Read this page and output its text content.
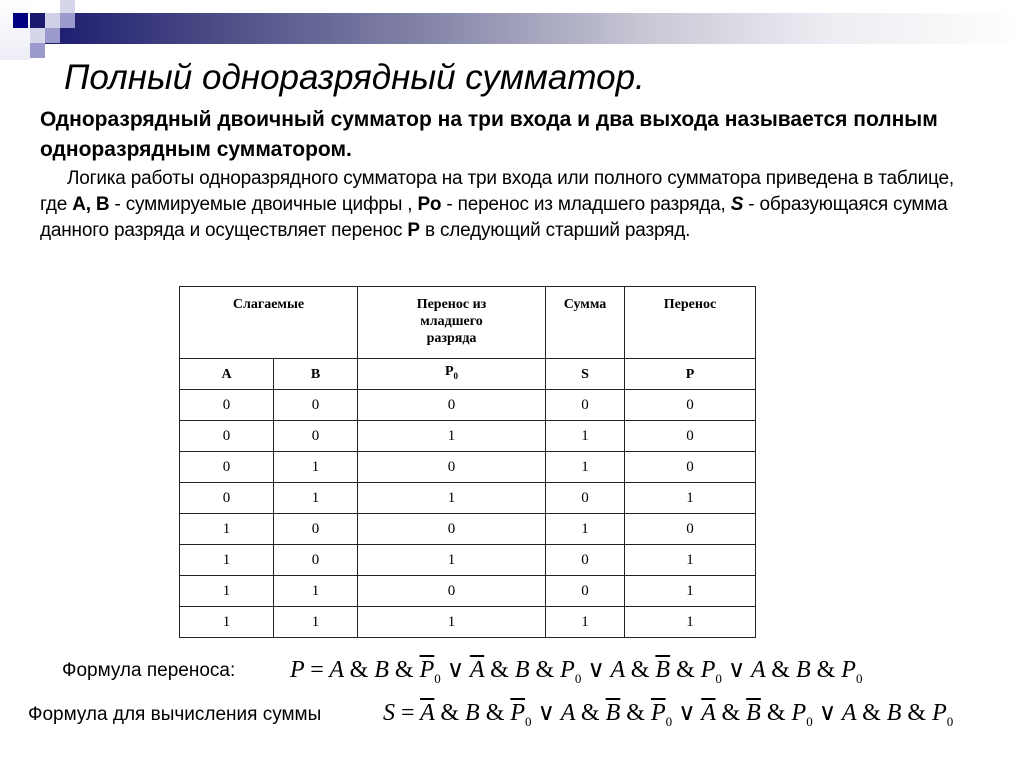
Полный одноразрядный сумматор.
Одноразрядный двоичный сумматор на три входа и два выхода называется полным одноразрядным сумматором.
Логика работы одноразрядного сумматора на три входа или полного сумматора приведена в таблице, где A, B - суммируемые двоичные цифры , Po - перенос из младшего разряда, S - образующаяся сумма данного разряда и осуществляет перенос P в следующий старший разряд.
Слагаемые		Перенос из младшего разряда	Сумма	Перенос
A	B	$P_0$	S	P
0	0	0	0	0
0	0	1	1	0
0	1	0	1	0
0	1	1	0	1
1	0	0	1	0
1	0	1	0	1
1	1	0	0	1
1	1	1	1	1
Формула переноса: P = A & B & $\overline{P}_0$ ∨ $\overline{A}$ & B & $P_0$ ∨ A & $\overline{B}$ & $P_0$ ∨ A & B & $P_0$
Формула для вычисления суммы	$S = \overline{A}$ & B & $\overline{P}_0$ ∨ A & $\overline{B}$ & $\overline{P}_0$ ∨ $\overline{A}$ & $\overline{B}$ & $P_0$ ∨ A & B & $P_0$
